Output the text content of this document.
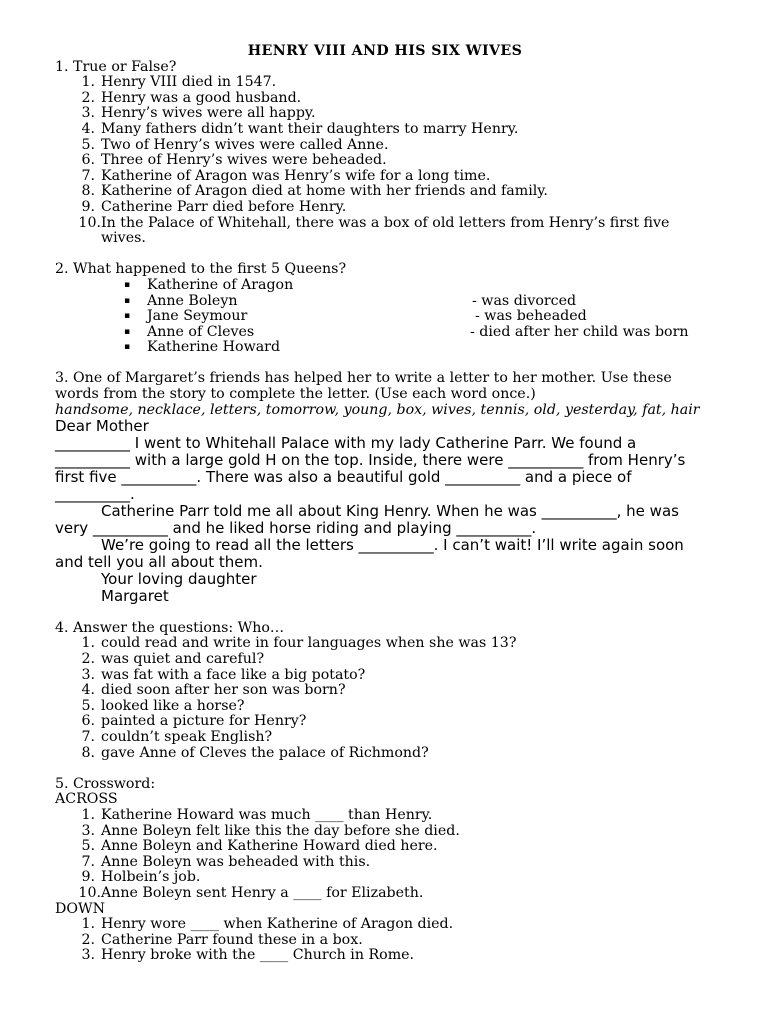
HENRY VIII AND HIS SIX WIVES
1. True or False?
1. Henry VIII died in 1547.
2. Henry was a good husband.
3. Henry’s wives were all happy.
4. Many fathers didn’t want their daughters to marry Henry.
5. Two of Henry’s wives were called Anne.
6. Three of Henry’s wives were beheaded.
7. Katherine of Aragon was Henry’s wife for a long time.
8. Katherine of Aragon died at home with her friends and family.
9. Catherine Parr died before Henry.
10. In the Palace of Whitehall, there was a box of old letters from Henry’s first five
wives.
2. What happened to the first 5 Queens?
▪ Katherine of Aragon
▪ Anne Boleyn	- was divorced
▪ Jane Seymour	- was beheaded
▪ Anne of Cleves	- died after her child was born
▪ Katherine Howard
3. One of Margaret’s friends has helped her to write a letter to her mother. Use these
words from the story to complete the letter. (Use each word once.)
handsome, necklace, letters, tomorrow, young, box, wives, tennis, old, yesterday, fat, hair
Dear Mother
__________ I went to Whitehall Palace with my lady Catherine Parr. We found a
__________ with a large gold H on the top. Inside, there were __________ from Henry’s
first five __________. There was also a beautiful gold __________ and a piece of
__________.
Catherine Parr told me all about King Henry. When he was __________, he was
very __________ and he liked horse riding and playing __________.
We’re going to read all the letters __________. I can’t wait! I’ll write again soon
and tell you all about them.
Your loving daughter
Margaret
4. Answer the questions: Who…
1. could read and write in four languages when she was 13?
2. was quiet and careful?
3. was fat with a face like a big potato?
4. died soon after her son was born?
5. looked like a horse?
6. painted a picture for Henry?
7. couldn’t speak English?
8. gave Anne of Cleves the palace of Richmond?
5. Crossword:
ACROSS
1. Katherine Howard was much ____ than Henry.
3. Anne Boleyn felt like this the day before she died.
5. Anne Boleyn and Katherine Howard died here.
7. Anne Boleyn was beheaded with this.
9. Holbein’s job.
10. Anne Boleyn sent Henry a ____ for Elizabeth.
DOWN
1. Henry wore ____ when Katherine of Aragon died.
2. Catherine Parr found these in a box.
3. Henry broke with the ____ Church in Rome.
